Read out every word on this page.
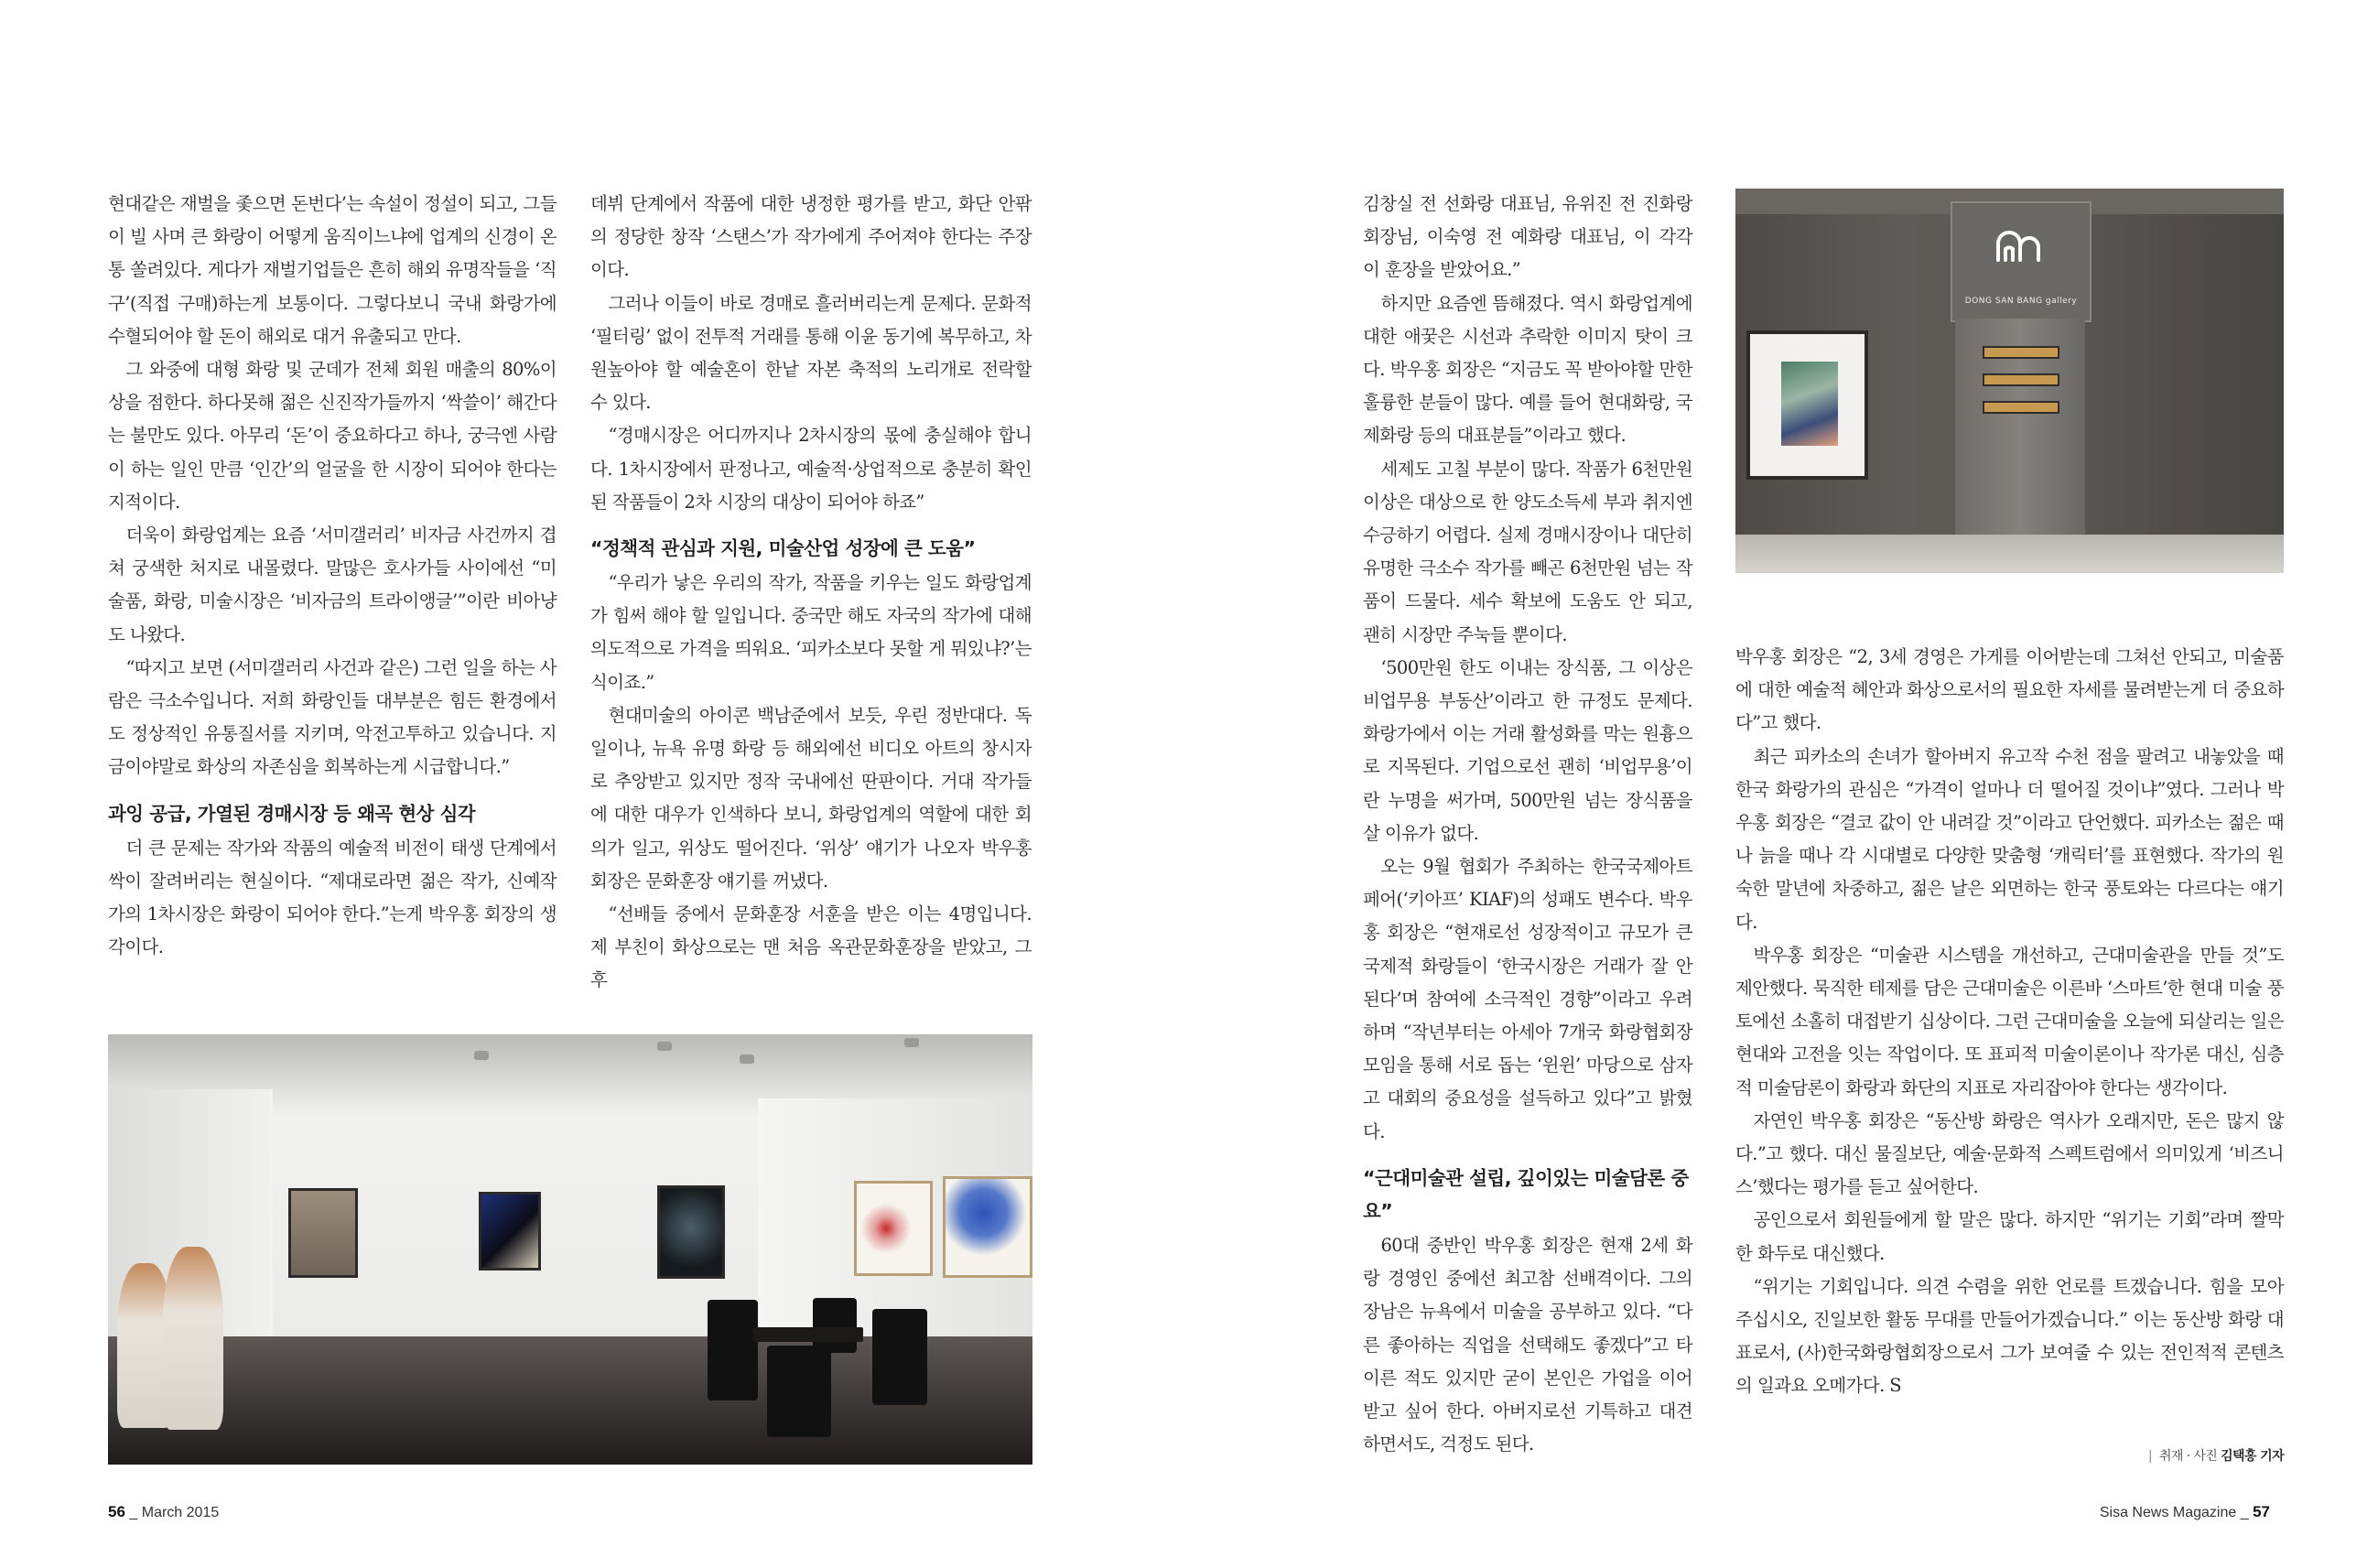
현대같은 재벌을 좇으면 돈번다’는 속설이 정설이 되고, 그들이 빌 사며 큰 화랑이 어떻게 움직이느냐에 업계의 신경이 온통 쏠려있다. 게다가 재벌기업들은 흔히 해외 유명작들을 ‘직구’(직접 구매)하는게 보통이다. 그렇다보니 국내 화랑가에 수혈되어야 할 돈이 해외로 대거 유출되고 만다.

그 와중에 대형 화랑 및 군데가 전체 회원 매출의 80%이상을 점한다. 하다못해 젊은 신진작가들까지 ‘싹쓸이’ 해간다는 불만도 있다. 아무리 ‘돈’이 중요하다고 하나, 궁극엔 사람이 하는 일인 만큼 ‘인간’의 얼굴을 한 시장이 되어야 한다는 지적이다.

더욱이 화랑업계는 요즘 ‘서미갤러리’ 비자금 사건까지 겹쳐 궁색한 처지로 내몰렸다. 말많은 호사가들 사이에선 “미술품, 화랑, 미술시장은 ‘비자금의 트라이앵글’”이란 비아냥도 나왔다.

“따지고 보면 (서미갤러리 사건과 같은) 그런 일을 하는 사람은 극소수입니다. 저희 화랑인들 대부분은 힘든 환경에서도 정상적인 유통질서를 지키며, 악전고투하고 있습니다. 지금이야말로 화상의 자존심을 회복하는게 시급합니다.”

과잉 공급, 가열된 경매시장 등 왜곡 현상 심각

더 큰 문제는 작가와 작품의 예술적 비전이 태생 단계에서 싹이 잘려버리는 현실이다. “제대로라면 젊은 작가, 신예작가의 1차시장은 화랑이 되어야 한다.”는게 박우홍 회장의 생각이다.

데뷔 단계에서 작품에 대한 냉정한 평가를 받고, 화단 안팎의 정당한 창작 ‘스탠스’가 작가에게 주어져야 한다는 주장이다.

그러나 이들이 바로 경매로 흘러버리는게 문제다. 문화적 ‘필터링’ 없이 전투적 거래를 통해 이윤 동기에 복무하고, 차원높아야 할 예술혼이 한낱 자본 축적의 노리개로 전락할 수 있다.

“경매시장은 어디까지나 2차시장의 몫에 충실해야 합니다. 1차시장에서 판정나고, 예술적·상업적으로 충분히 확인된 작품들이 2차 시장의 대상이 되어야 하죠”

“정책적 관심과 지원, 미술산업 성장에 큰 도움”

“우리가 낳은 우리의 작가, 작품을 키우는 일도 화랑업계가 힘써 해야 할 일입니다. 중국만 해도 자국의 작가에 대해 의도적으로 가격을 띄워요. ‘피카소보다 못할 게 뭐있냐?’는 식이죠.”

현대미술의 아이콘 백남준에서 보듯, 우린 정반대다. 독일이나, 뉴욕 유명 화랑 등 해외에선 비디오 아트의 창시자로 추앙받고 있지만 정작 국내에선 딴판이다. 거대 작가들에 대한 대우가 인색하다 보니, 화랑업계의 역할에 대한 회의가 일고, 위상도 떨어진다. ‘위상’ 얘기가 나오자 박우홍 회장은 문화훈장 얘기를 꺼냈다.

“선배들 중에서 문화훈장 서훈을 받은 이는 4명입니다. 제 부친이 화상으로는 맨 처음 옥관문화훈장을 받았고, 그 후

56 _ March 2015

김창실 전 선화랑 대표님, 유위진 전 진화랑 회장님, 이숙영 전 예화랑 대표님, 이 각각 이 훈장을 받았어요.”

하지만 요즘엔 뜸해졌다. 역시 화랑업계에 대한 애꿎은 시선과 추락한 이미지 탓이 크다. 박우홍 회장은 “지금도 꼭 받아야할 만한 훌륭한 분들이 많다. 예를 들어 현대화랑, 국제화랑 등의 대표분들”이라고 했다.

세제도 고칠 부분이 많다. 작품가 6천만원 이상은 대상으로 한 양도소득세 부과 취지엔 수긍하기 어렵다. 실제 경매시장이나 대단히 유명한 극소수 작가를 빼곤 6천만원 넘는 작품이 드물다. 세수 확보에 도움도 안 되고, 괜히 시장만 주눅들 뿐이다.

‘500만원 한도 이내는 장식품, 그 이상은 비업무용 부동산’이라고 한 규정도 문제다. 화랑가에서 이는 거래 활성화를 막는 원흉으로 지목된다. 기업으로선 괜히 ‘비업무용’이란 누명을 써가며, 500만원 넘는 장식품을 살 이유가 없다.

오는 9월 협회가 주최하는 한국국제아트페어(‘키아프’ KIAF)의 성패도 변수다. 박우홍 회장은 “현재로선 성장적이고 규모가 큰 국제적 화랑들이 ‘한국시장은 거래가 잘 안된다’며 참여에 소극적인 경향”이라고 우려하며 “작년부터는 아세아 7개국 화랑협회장 모임을 통해 서로 돕는 ‘윈윈’ 마당으로 삼자고 대회의 중요성을 설득하고 있다”고 밝혔다.

“근대미술관 설립, 깊이있는 미술담론 중요”

60대 중반인 박우홍 회장은 현재 2세 화랑 경영인 중에선 최고참 선배격이다. 그의 장남은 뉴욕에서 미술을 공부하고 있다. “다른 좋아하는 직업을 선택해도 좋겠다”고 타이른 적도 있지만 굳이 본인은 가업을 이어받고 싶어 한다. 아버지로선 기특하고 대견하면서도, 걱정도 된다.

박우홍 회장은 “2, 3세 경영은 가게를 이어받는데 그쳐선 안되고, 미술품에 대한 예술적 혜안과 화상으로서의 필요한 자세를 물려받는게 더 중요하다”고 했다.

최근 피카소의 손녀가 할아버지 유고작 수천 점을 팔려고 내놓았을 때 한국 화랑가의 관심은 “가격이 얼마나 더 떨어질 것이냐”였다. 그러나 박우홍 회장은 “결코 값이 안 내려갈 것”이라고 단언했다. 피카소는 젊은 때나 늙을 때나 각 시대별로 다양한 맞춤형 ‘캐릭터’를 표현했다. 작가의 원숙한 말년에 차중하고, 젊은 날은 외면하는 한국 풍토와는 다르다는 얘기다.

박우홍 회장은 “미술관 시스템을 개선하고, 근대미술관을 만들 것”도 제안했다. 묵직한 테제를 담은 근대미술은 이른바 ‘스마트’한 현대 미술 풍토에선 소홀히 대접받기 십상이다. 그런 근대미술을 오늘에 되살리는 일은 현대와 고전을 잇는 작업이다. 또 표피적 미술이론이나 작가론 대신, 심층적 미술담론이 화랑과 화단의 지표로 자리잡아야 한다는 생각이다.

자연인 박우홍 회장은 “동산방 화랑은 역사가 오래지만, 돈은 많지 않다.”고 했다. 대신 물질보단, 예술·문화적 스펙트럼에서 의미있게 ‘비즈니스’했다는 평가를 듣고 싶어한다.

공인으로서 회원들에게 할 말은 많다. 하지만 “위기는 기회”라며 짤막한 화두로 대신했다.

“위기는 기회입니다. 의견 수렴을 위한 언로를 트겠습니다. 힘을 모아 주십시오, 진일보한 활동 무대를 만들어가겠습니다.” 이는 동산방 화랑 대표로서, (사)한국화랑협회장으로서 그가 보여줄 수 있는 전인적적 콘텐츠의 일과요 오메가다. S

| 취재 · 사진 김택홍 기자

DONG SAN BANG gallery
Sisa News Magazine _ 57
